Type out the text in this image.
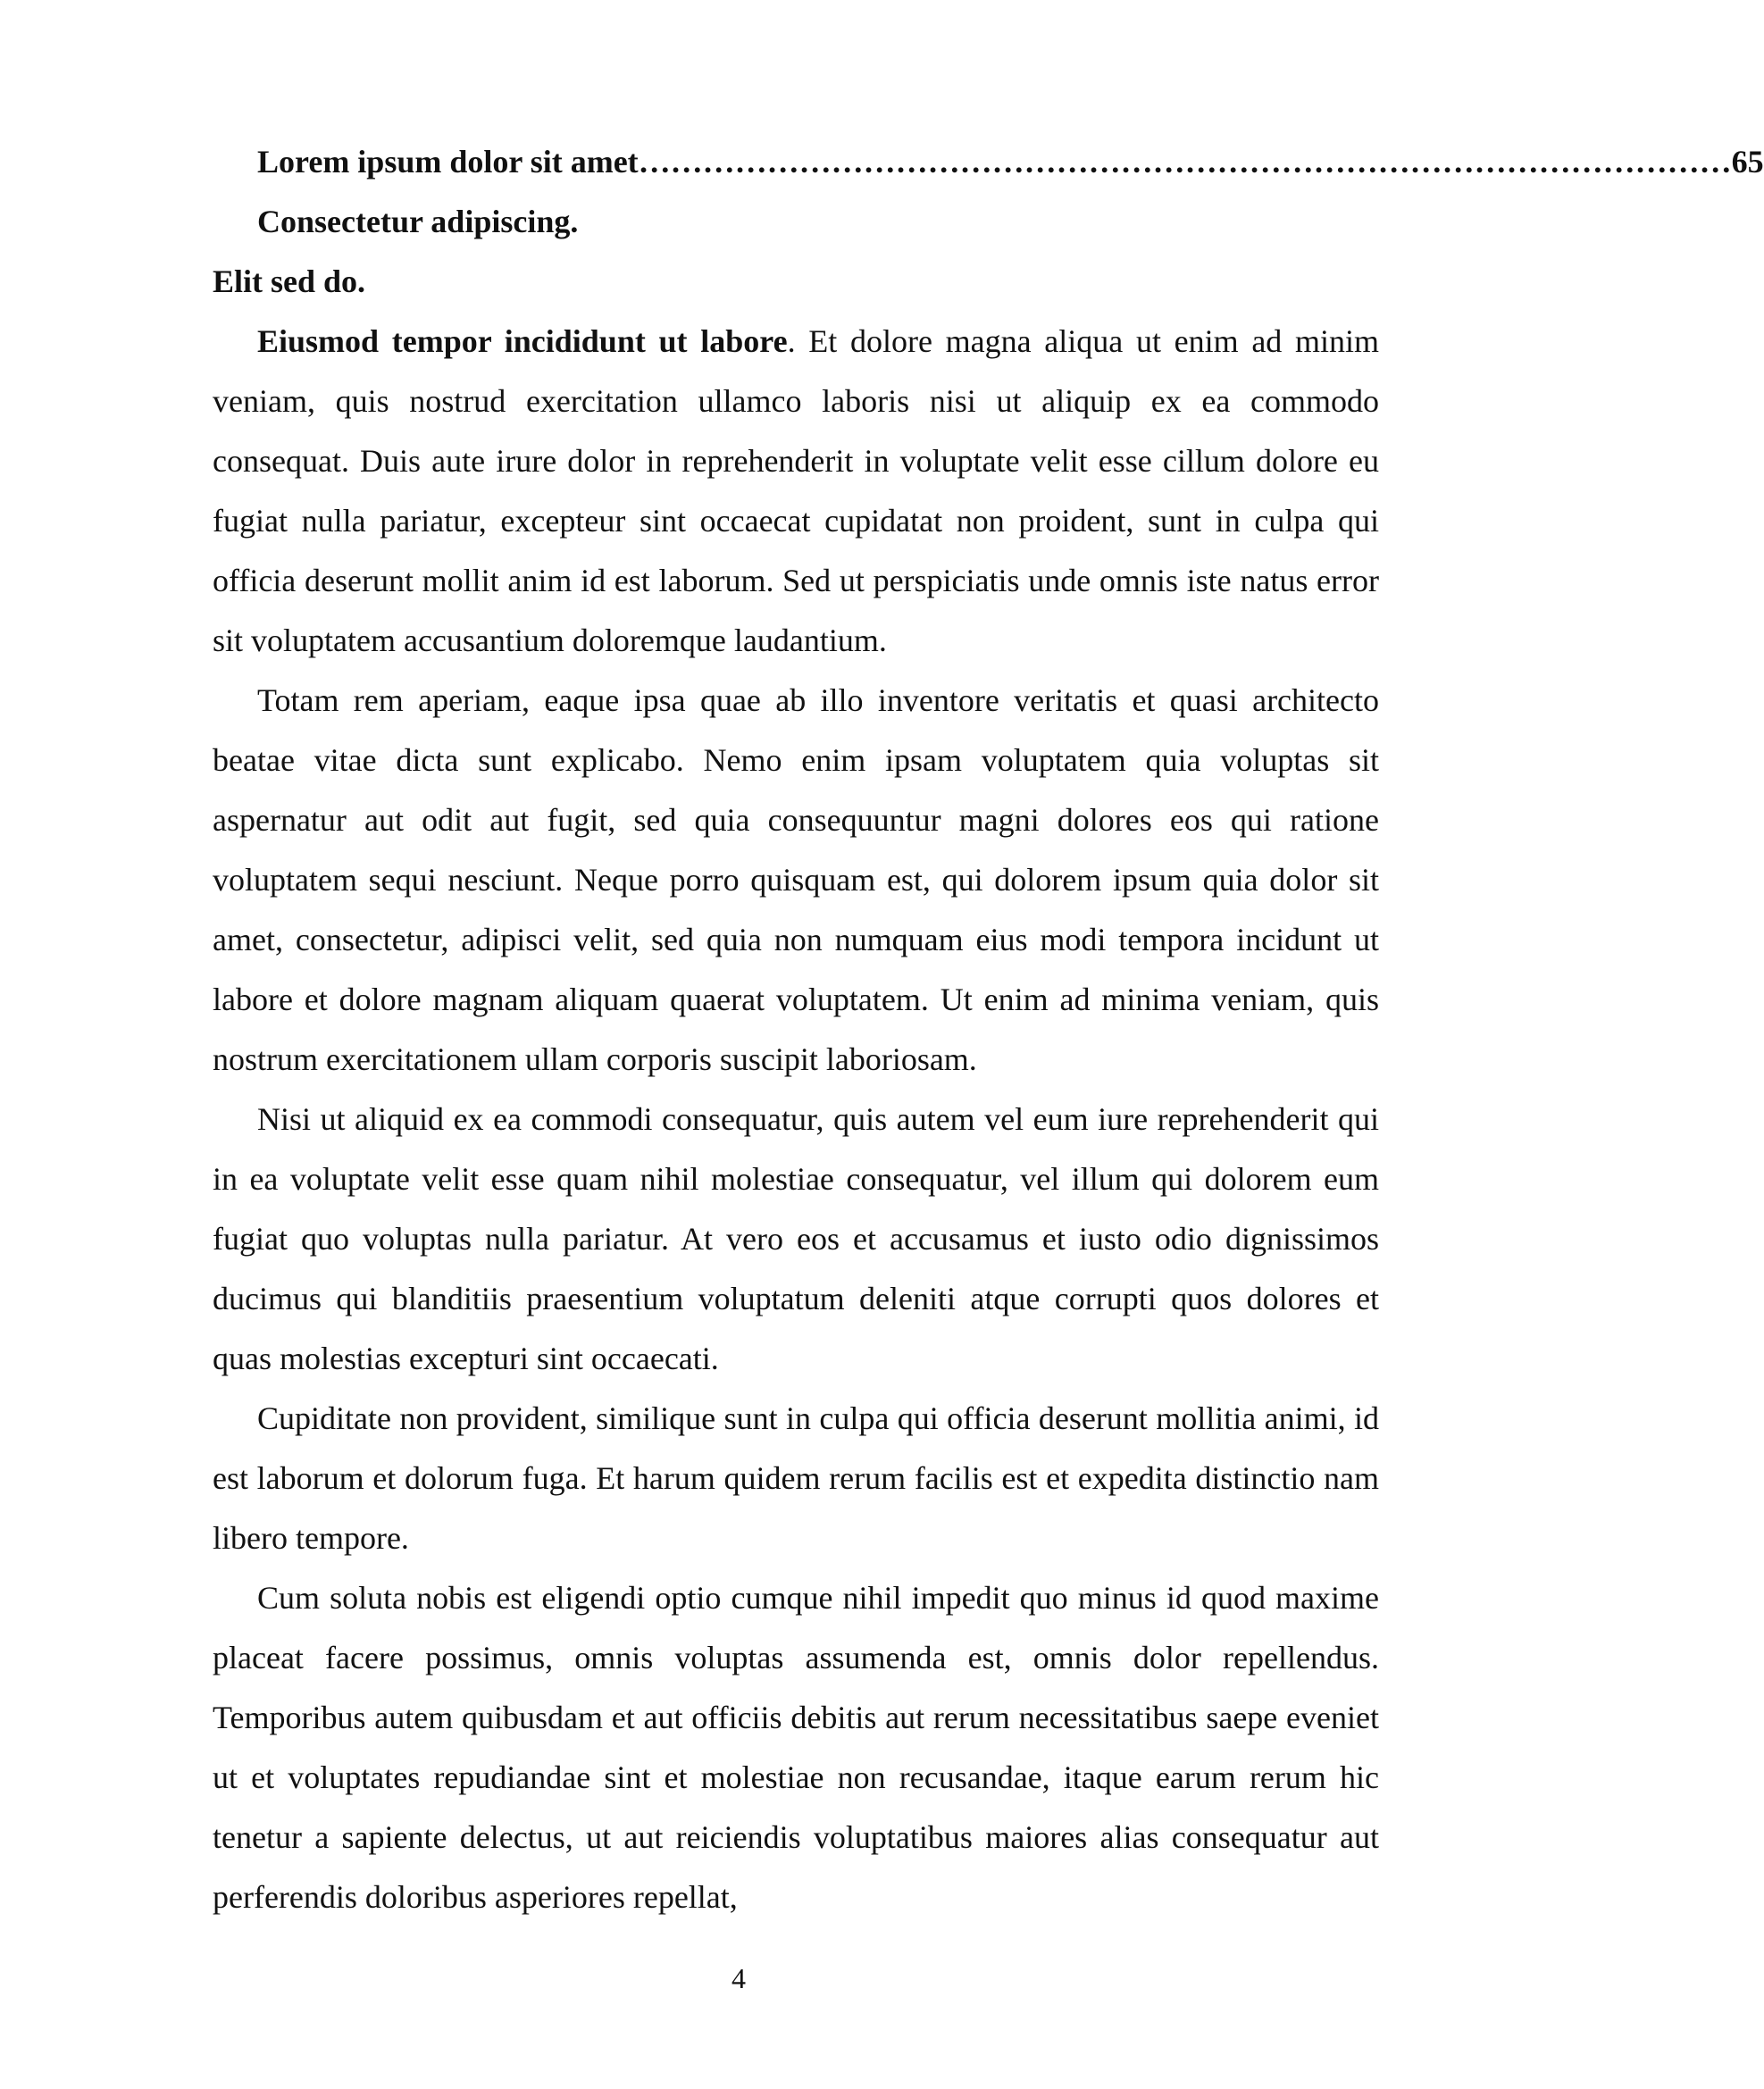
Lorem ipsum dolor sit amet ………………………………………………………………………………………… 65
Consectetur adipiscing.
Elit sed do.

Eiusmod tempor incididunt ut labore. Et dolore magna aliqua ut enim ad minim veniam, quis nostrud exercitation ullamco laboris nisi ut aliquip ex ea commodo consequat. Duis aute irure dolor in reprehenderit in voluptate velit esse cillum dolore eu fugiat nulla pariatur, excepteur sint occaecat cupidatat non proident, sunt in culpa qui officia deserunt mollit anim id est laborum. Sed ut perspiciatis unde omnis iste natus error sit voluptatem accusantium doloremque laudantium.

Totam rem aperiam, eaque ipsa quae ab illo inventore veritatis et quasi architecto beatae vitae dicta sunt explicabo. Nemo enim ipsam voluptatem quia voluptas sit aspernatur aut odit aut fugit, sed quia consequuntur magni dolores eos qui ratione voluptatem sequi nesciunt. Neque porro quisquam est, qui dolorem ipsum quia dolor sit amet, consectetur, adipisci velit, sed quia non numquam eius modi tempora incidunt ut labore et dolore magnam aliquam quaerat voluptatem. Ut enim ad minima veniam, quis nostrum exercitationem ullam corporis suscipit laboriosam.

Nisi ut aliquid ex ea commodi consequatur, quis autem vel eum iure reprehenderit qui in ea voluptate velit esse quam nihil molestiae consequatur, vel illum qui dolorem eum fugiat quo voluptas nulla pariatur. At vero eos et accusamus et iusto odio dignissimos ducimus qui blanditiis praesentium voluptatum deleniti atque corrupti quos dolores et quas molestias excepturi sint occaecati.

Cupiditate non provident, similique sunt in culpa qui officia deserunt mollitia animi, id est laborum et dolorum fuga. Et harum quidem rerum facilis est et expedita distinctio nam libero tempore.

Cum soluta nobis est eligendi optio cumque nihil impedit quo minus id quod maxime placeat facere possimus, omnis voluptas assumenda est, omnis dolor repellendus. Temporibus autem quibusdam et aut officiis debitis aut rerum necessitatibus saepe eveniet ut et voluptates repudiandae sint et molestiae non recusandae, itaque earum rerum hic tenetur a sapiente delectus, ut aut reiciendis voluptatibus maiores alias consequatur aut perferendis doloribus asperiores repellat,

4
